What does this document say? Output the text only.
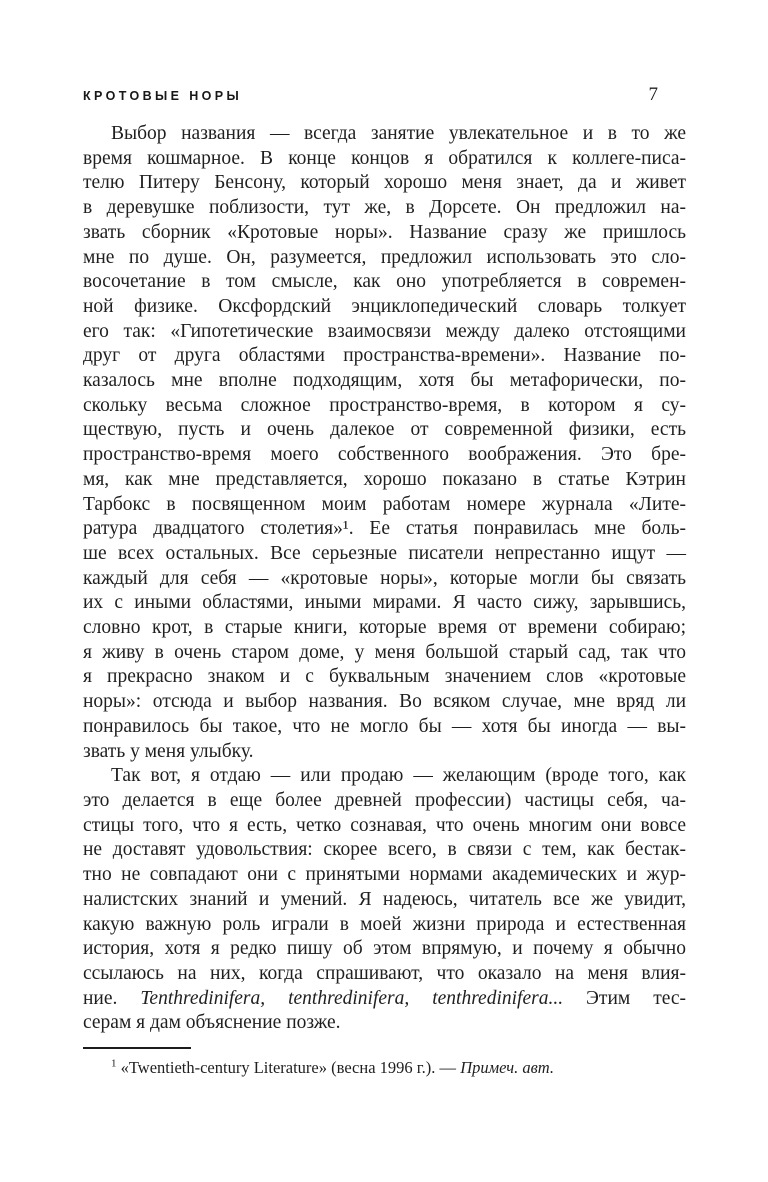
КРОТОВЫЕ НОРЫ	7
Выбор названия — всегда занятие увлекательное и в то же
время кошмарное. В конце концов я обратился к коллеге-писа-
телю Питеру Бенсону, который хорошо меня знает, да и живет
в деревушке поблизости, тут же, в Дорсете. Он предложил на-
звать сборник «Кротовые норы». Название сразу же пришлось
мне по душе. Он, разумеется, предложил использовать это сло-
восочетание в том смысле, как оно употребляется в современ-
ной физике. Оксфордский энциклопедический словарь толкует
его так: «Гипотетические взаимосвязи между далеко отстоящими
друг от друга областями пространства-времени». Название по-
казалось мне вполне подходящим, хотя бы метафорически, по-
скольку весьма сложное пространство-время, в котором я су-
ществую, пусть и очень далекое от современной физики, есть
пространство-время моего собственного воображения. Это бре-
мя, как мне представляется, хорошо показано в статье Кэтрин
Тарбокс в посвященном моим работам номере журнала «Лите-
ратура двадцатого столетия»¹. Ее статья понравилась мне боль-
ше всех остальных. Все серьезные писатели непрестанно ищут —
каждый для себя — «кротовые норы», которые могли бы связать
их с иными областями, иными мирами. Я часто сижу, зарывшись,
словно крот, в старые книги, которые время от времени собираю;
я живу в очень старом доме, у меня большой старый сад, так что
я прекрасно знаком и с буквальным значением слов «кротовые
норы»: отсюда и выбор названия. Во всяком случае, мне вряд ли
понравилось бы такое, что не могло бы — хотя бы иногда — вы-
звать у меня улыбку.
Так вот, я отдаю — или продаю — желающим (вроде того, как
это делается в еще более древней профессии) частицы себя, ча-
стицы того, что я есть, четко сознавая, что очень многим они вовсе
не доставят удовольствия: скорее всего, в связи с тем, как бестак-
тно не совпадают они с принятыми нормами академических и жур-
налистских знаний и умений. Я надеюсь, читатель все же увидит,
какую важную роль играли в моей жизни природа и естественная
история, хотя я редко пишу об этом впрямую, и почему я обычно
ссылаюсь на них, когда спрашивают, что оказало на меня влия-
ние. Tenthredinifera, tenthredinifera, tenthredinifera... Этим тес-
серам я дам объяснение позже.
$^1$ «Twentieth-century Literature» (весна 1996 г.). — Примеч. авт.
